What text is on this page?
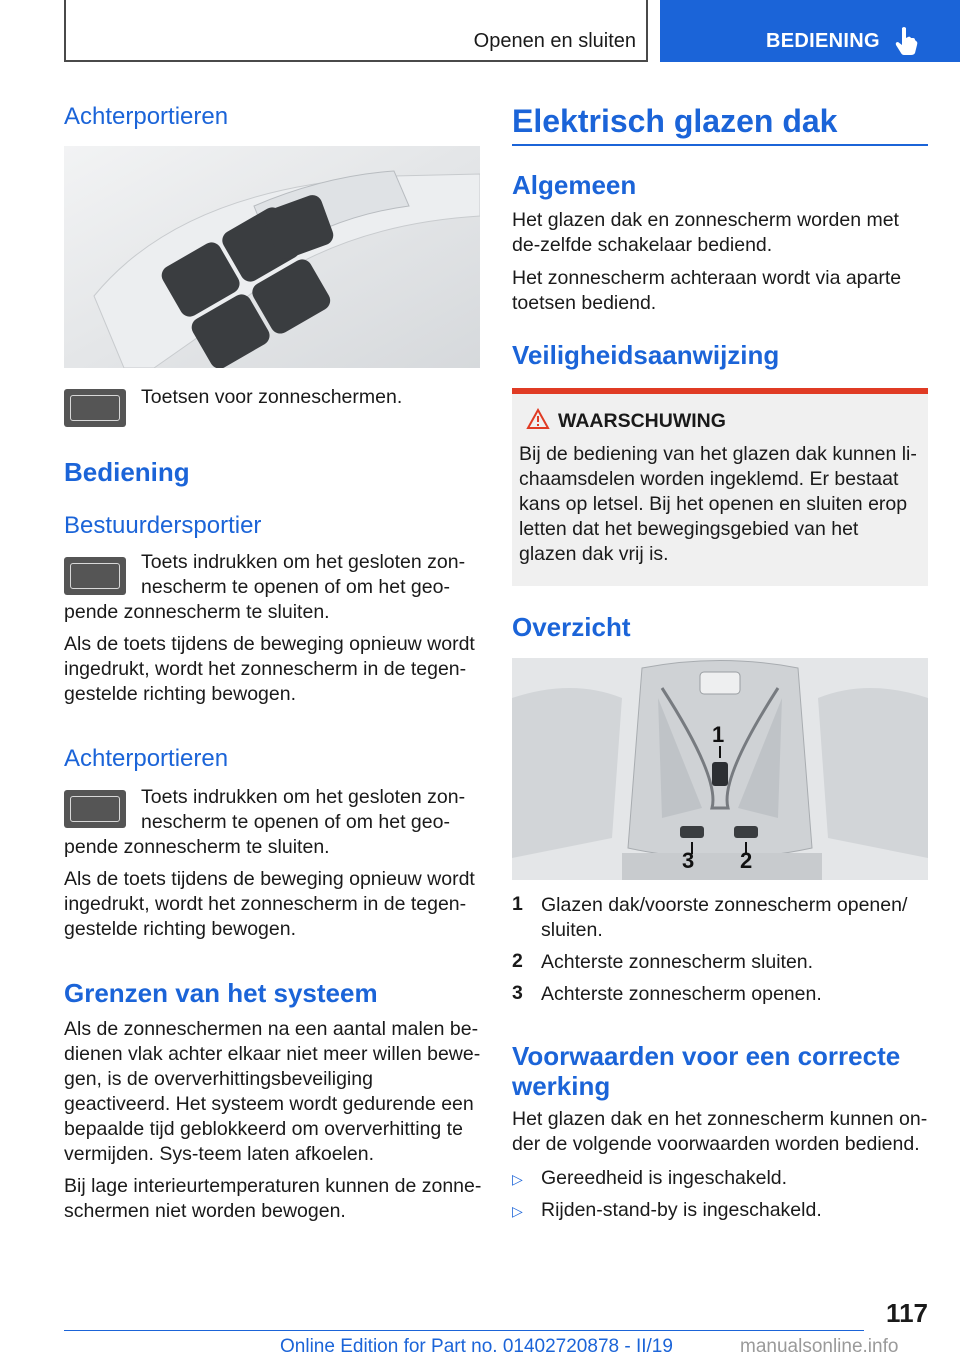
Openen en sluiten	BEDIENING
Achterportieren
Toetsen voor zonneschermen.
Bediening
Bestuurdersportier
Toets indrukken om het gesloten zon-
nescherm te openen of om het geo-
pende zonnescherm te sluiten.
Als de toets tijdens de beweging opnieuw wordt ingedrukt, wordt het zonnescherm in de tegen-gestelde richting bewogen.
Achterportieren
Toets indrukken om het gesloten zon-
nescherm te openen of om het geo-
pende zonnescherm te sluiten.
Als de toets tijdens de beweging opnieuw wordt ingedrukt, wordt het zonnescherm in de tegen-gestelde richting bewogen.
Grenzen van het systeem
Als de zonneschermen na een aantal malen be-dienen vlak achter elkaar niet meer willen bewe-gen, is de oververhittingsbeveiliging geactiveerd. Het systeem wordt gedurende een bepaalde tijd geblokkeerd om oververhitting te vermijden. Sys-teem laten afkoelen.
Bij lage interieurtemperaturen kunnen de zonne-schermen niet worden bewogen.
Elektrisch glazen dak
Algemeen
Het glazen dak en zonnescherm worden met de-zelfde schakelaar bediend.
Het zonnescherm achteraan wordt via aparte toetsen bediend.
Veiligheidsaanwijzing
WAARSCHUWING
Bij de bediening van het glazen dak kunnen li-chaamsdelen worden ingeklemd. Er bestaat kans op letsel. Bij het openen en sluiten erop letten dat het bewegingsgebied van het glazen dak vrij is.
Overzicht
1
3 2
1 Glazen dak/voorste zonnescherm openen/ sluiten.
2 Achterste zonnescherm sluiten.
3 Achterste zonnescherm openen.
Voorwaarden voor een correcte werking
Het glazen dak en het zonnescherm kunnen on-der de volgende voorwaarden worden bediend.
▷ Gereedheid is ingeschakeld.
▷ Rijden-stand-by is ingeschakeld.
117
Online Edition for Part no. 01402720878 - II/19	manualsonline.info
